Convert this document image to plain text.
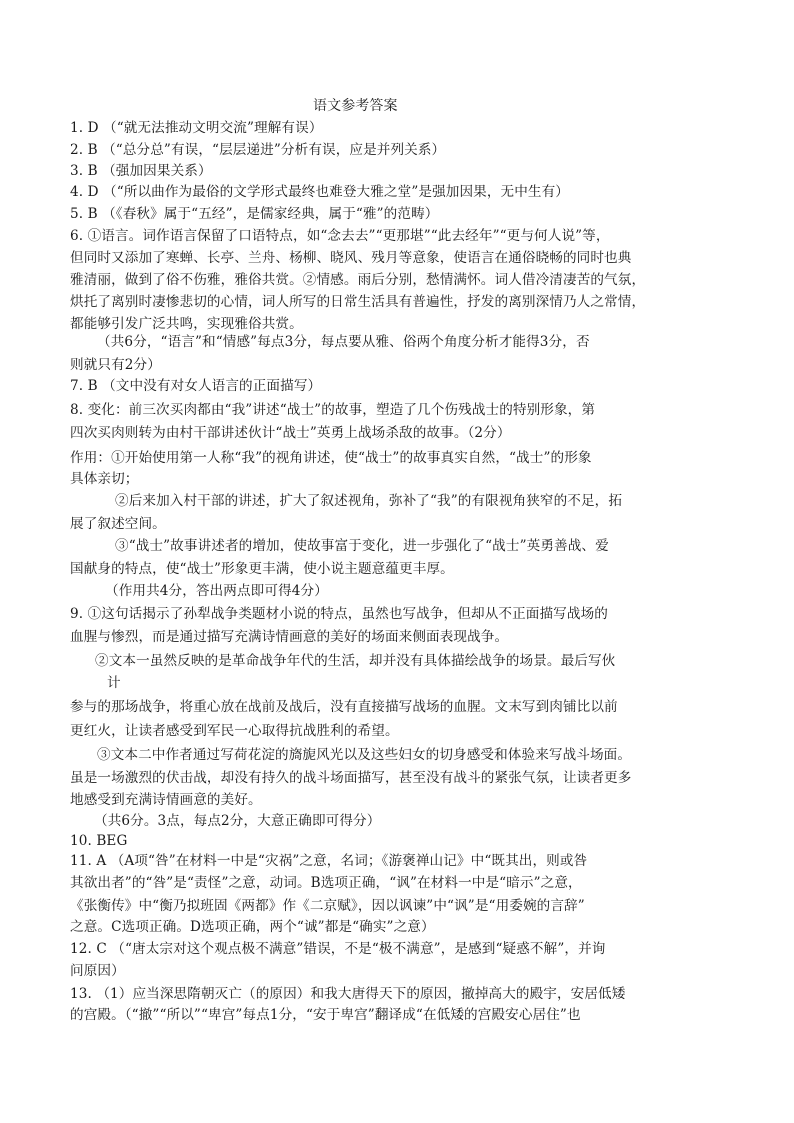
语文参考答案
1. D （“就无法推动文明交流”理解有误）
2. B （“总分总”有误，“层层递进”分析有误，应是并列关系）
3. B （强加因果关系）
4. D （“所以曲作为最俗的文学形式最终也难登大雅之堂”是强加因果，无中生有）
5. B （《春秋》属于“五经”，是儒家经典，属于“雅”的范畴）
6. ①语言。词作语言保留了口语特点，如“念去去”“更那堪”“此去经年”“更与何人说”等，
但同时又添加了寒蝉、长亭、兰舟、杨柳、晓风、残月等意象，使语言在通俗晓畅的同时也典
雅清丽，做到了俗不伤雅，雅俗共赏。②情感。雨后分别，愁情满怀。词人借冷清凄苦的气氛，
烘托了离别时凄惨悲切的心情，词人所写的日常生活具有普遍性，抒发的离别深情乃人之常情，
都能够引发广泛共鸣，实现雅俗共赏。
（共6分，“语言”和“情感”每点3分，每点要从雅、俗两个角度分析才能得3分，否
则就只有2分）
7. B （文中没有对女人语言的正面描写）
8. 变化：前三次买肉都由“我”讲述“战士”的故事，塑造了几个伤残战士的特别形象，第
四次买肉则转为由村干部讲述伙计“战士”英勇上战场杀敌的故事。（2分）
作用：①开始使用第一人称“我”的视角讲述，使“战士”的故事真实自然，“战士”的形象
具体亲切；
②后来加入村干部的讲述，扩大了叙述视角，弥补了“我”的有限视角狭窄的不足，拓
展了叙述空间。
③“战士”故事讲述者的增加，使故事富于变化，进一步强化了“战士”英勇善战、爱
国献身的特点，使“战士”形象更丰满，使小说主题意蕴更丰厚。
（作用共4分，答出两点即可得4分）
9. ①这句话揭示了孙犁战争类题材小说的特点，虽然也写战争，但却从不正面描写战场的
血腥与惨烈，而是通过描写充满诗情画意的美好的场面来侧面表现战争。
②文本一虽然反映的是革命战争年代的生活，却并没有具体描绘战争的场景。最后写伙
计
参与的那场战争，将重心放在战前及战后，没有直接描写战场的血腥。文末写到肉铺比以前
更红火，让读者感受到军民一心取得抗战胜利的希望。
③文本二中作者通过写荷花淀的旖旎风光以及这些妇女的切身感受和体验来写战斗场面。
虽是一场激烈的伏击战，却没有持久的战斗场面描写，甚至没有战斗的紧张气氛，让读者更多
地感受到充满诗情画意的美好。
（共6分。3点，每点2分，大意正确即可得分）
10. BEG
11. A （A项“咎”在材料一中是“灾祸”之意，名词；《游褒禅山记》中“既其出，则或咎
其欲出者”的“咎”是“责怪”之意，动词。B选项正确，“讽”在材料一中是“暗示”之意，
《张衡传》中“衡乃拟班固《两都》作《二京赋》，因以讽谏”中“讽”是“用委婉的言辞”
之意。C选项正确。D选项正确，两个“诚”都是“确实”之意）
12. C （“唐太宗对这个观点极不满意”错误，不是“极不满意”，是感到“疑惑不解”，并询
问原因）
13. （1）应当深思隋朝灭亡（的原因）和我大唐得天下的原因，撤掉高大的殿宇，安居低矮
的宫殿。（“撤”“所以”“卑宫”每点1分，“安于卑宫”翻译成“在低矮的宫殿安心居住”也
